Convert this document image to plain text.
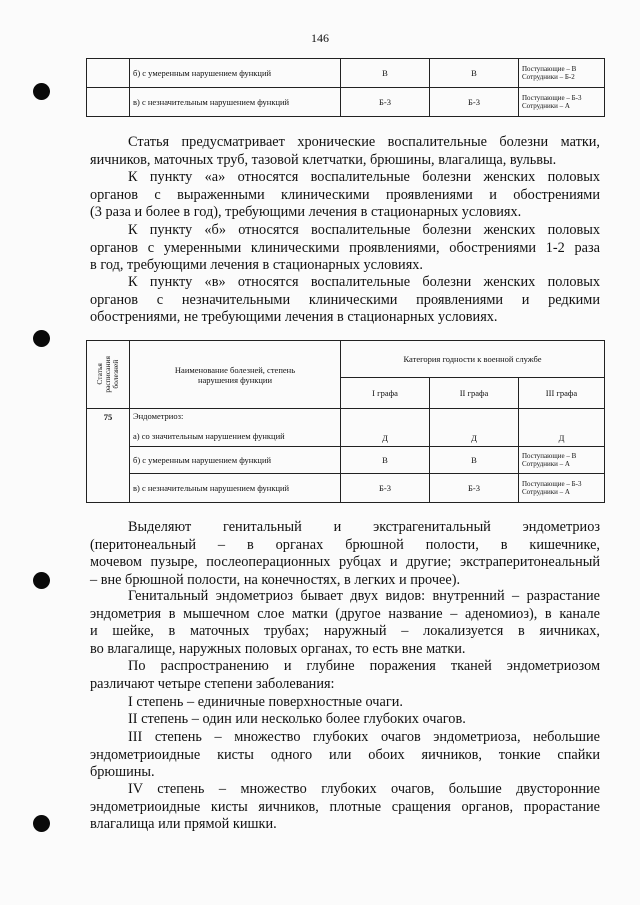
146
	б) с умеренным нарушением функций	В	В	Поступающие – В
Сотрудники – Б-2

	в) с незначительным нарушением функций	Б-3	Б-3	Поступающие – Б-3
Сотрудники – А
Статья предусматривает хронические воспалительные болезни матки,
яичников, маточных труб, тазовой клетчатки, брюшины, влагалища, вульвы.
К пункту «а» относятся воспалительные болезни женских половых
органов с выраженными клиническими проявлениями и обострениями
(3 раза и более в год), требующими лечения в стационарных условиях.
К пункту «б» относятся воспалительные болезни женских половых
органов с умеренными клиническими проявлениями, обострениями 1-2 раза
в год, требующими лечения в стационарных условиях.
К пункту «в» относятся воспалительные болезни женских половых
органов с незначительными клиническими проявлениями и редкими
обострениями, не требующими лечения в стационарных условиях.
Статья расписания болезней	Наименование болезней, степень
нарушения функции	Категория годности к военной службе		
		I графа	II графа	III графа
75	Эндометриоз:
а) со значительным нарушением функций	Д	Д	Д
	б) с умеренным нарушением функций	В	В	Поступающие – В
Сотрудники – А

	в) с незначительным нарушением функций	Б-3	Б-3	Поступающие – Б-3
Сотрудники – А
Выделяют генитальный и экстрагенитальный эндометриоз
(перитонеальный – в органах брюшной полости, в кишечнике,
мочевом пузыре, послеоперационных рубцах и другие; экстраперитонеальный
– вне брюшной полости, на конечностях, в легких и прочее).
Генитальный эндометриоз бывает двух видов: внутренний – разрастание
эндометрия в мышечном слое матки (другое название – аденомиоз), в канале
и шейке, в маточных трубах; наружный – локализуется в яичниках,
во влагалище, наружных половых органах, то есть вне матки.
По распространению и глубине поражения тканей эндометриозом
различают четыре степени заболевания:
I степень – единичные поверхностные очаги.
II степень – один или несколько более глубоких очагов.
III степень – множество глубоких очагов эндометриоза, небольшие
эндометриоидные кисты одного или обоих яичников, тонкие спайки
брюшины.
IV степень – множество глубоких очагов, большие двусторонние
эндометриоидные кисты яичников, плотные сращения органов, прорастание
влагалища или прямой кишки.
